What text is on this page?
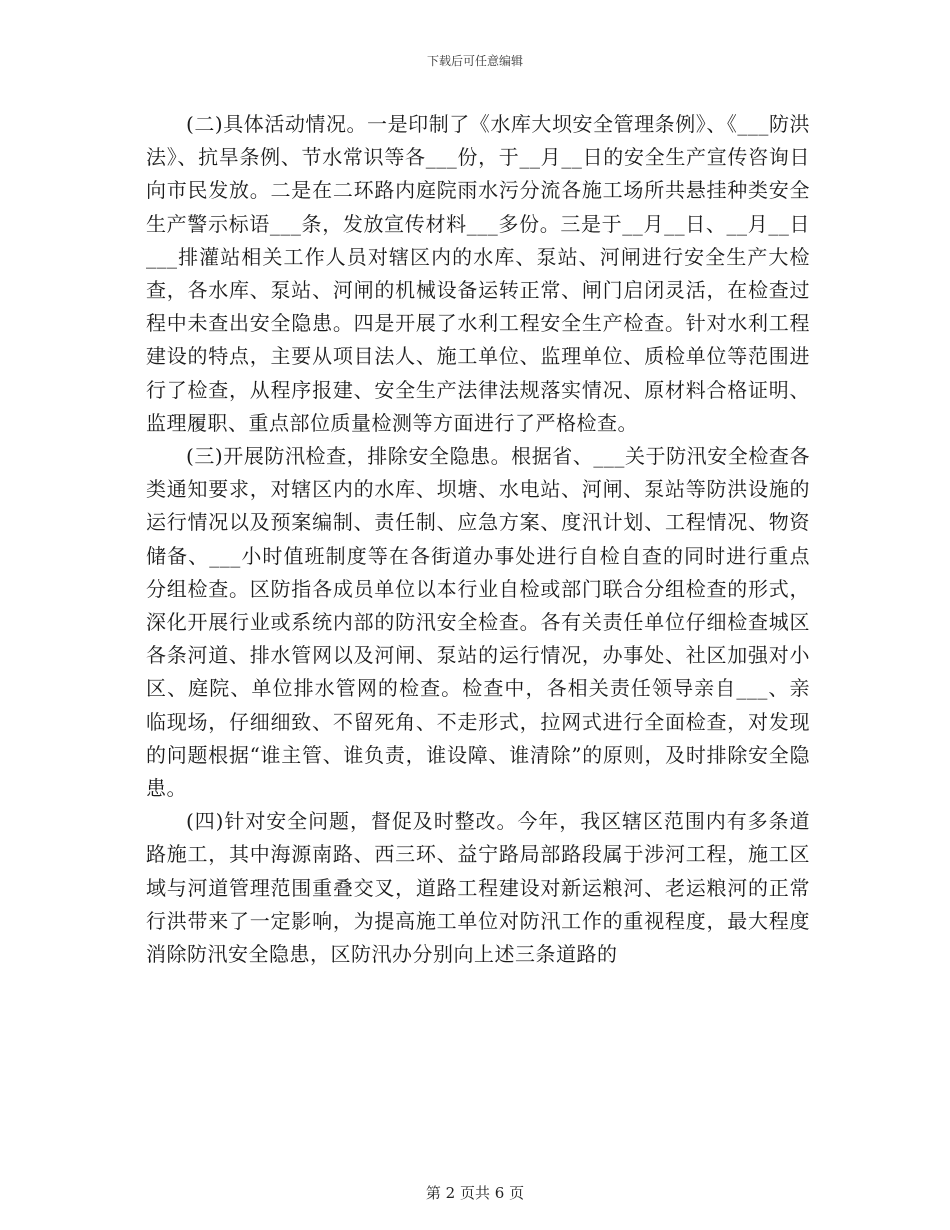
下载后可任意编辑

(二)具体活动情况。一是印制了《水库大坝安全管理条例》、《___防洪法》、抗旱条例、节水常识等各___份，于__月__日的安全生产宣传咨询日向市民发放。二是在二环路内庭院雨水污分流各施工场所共悬挂种类安全生产警示标语___条，发放宣传材料___多份。三是于__月__日、__月__日___排灌站相关工作人员对辖区内的水库、泵站、河闸进行安全生产大检查，各水库、泵站、河闸的机械设备运转正常、闸门启闭灵活，在检查过程中未查出安全隐患。四是开展了水利工程安全生产检查。针对水利工程建设的特点，主要从项目法人、施工单位、监理单位、质检单位等范围进行了检查，从程序报建、安全生产法律法规落实情况、原材料合格证明、监理履职、重点部位质量检测等方面进行了严格检查。

(三)开展防汛检查，排除安全隐患。根据省、___关于防汛安全检查各类通知要求，对辖区内的水库、坝塘、水电站、河闸、泵站等防洪设施的运行情况以及预案编制、责任制、应急方案、度汛计划、工程情况、物资储备、___小时值班制度等在各街道办事处进行自检自查的同时进行重点分组检查。区防指各成员单位以本行业自检或部门联合分组检查的形式，深化开展行业或系统内部的防汛安全检查。各有关责任单位仔细检查城区各条河道、排水管网以及河闸、泵站的运行情况，办事处、社区加强对小区、庭院、单位排水管网的检查。检查中，各相关责任领导亲自___、亲临现场，仔细细致、不留死角、不走形式，拉网式进行全面检查，对发现的问题根据“谁主管、谁负责，谁设障、谁清除”的原则，及时排除安全隐患。

(四)针对安全问题，督促及时整改。今年，我区辖区范围内有多条道路施工，其中海源南路、西三环、益宁路局部路段属于涉河工程，施工区域与河道管理范围重叠交叉，道路工程建设对新运粮河、老运粮河的正常行洪带来了一定影响，为提高施工单位对防汛工作的重视程度，最大程度消除防汛安全隐患，区防汛办分别向上述三条道路的

第 2 页共 6 页
